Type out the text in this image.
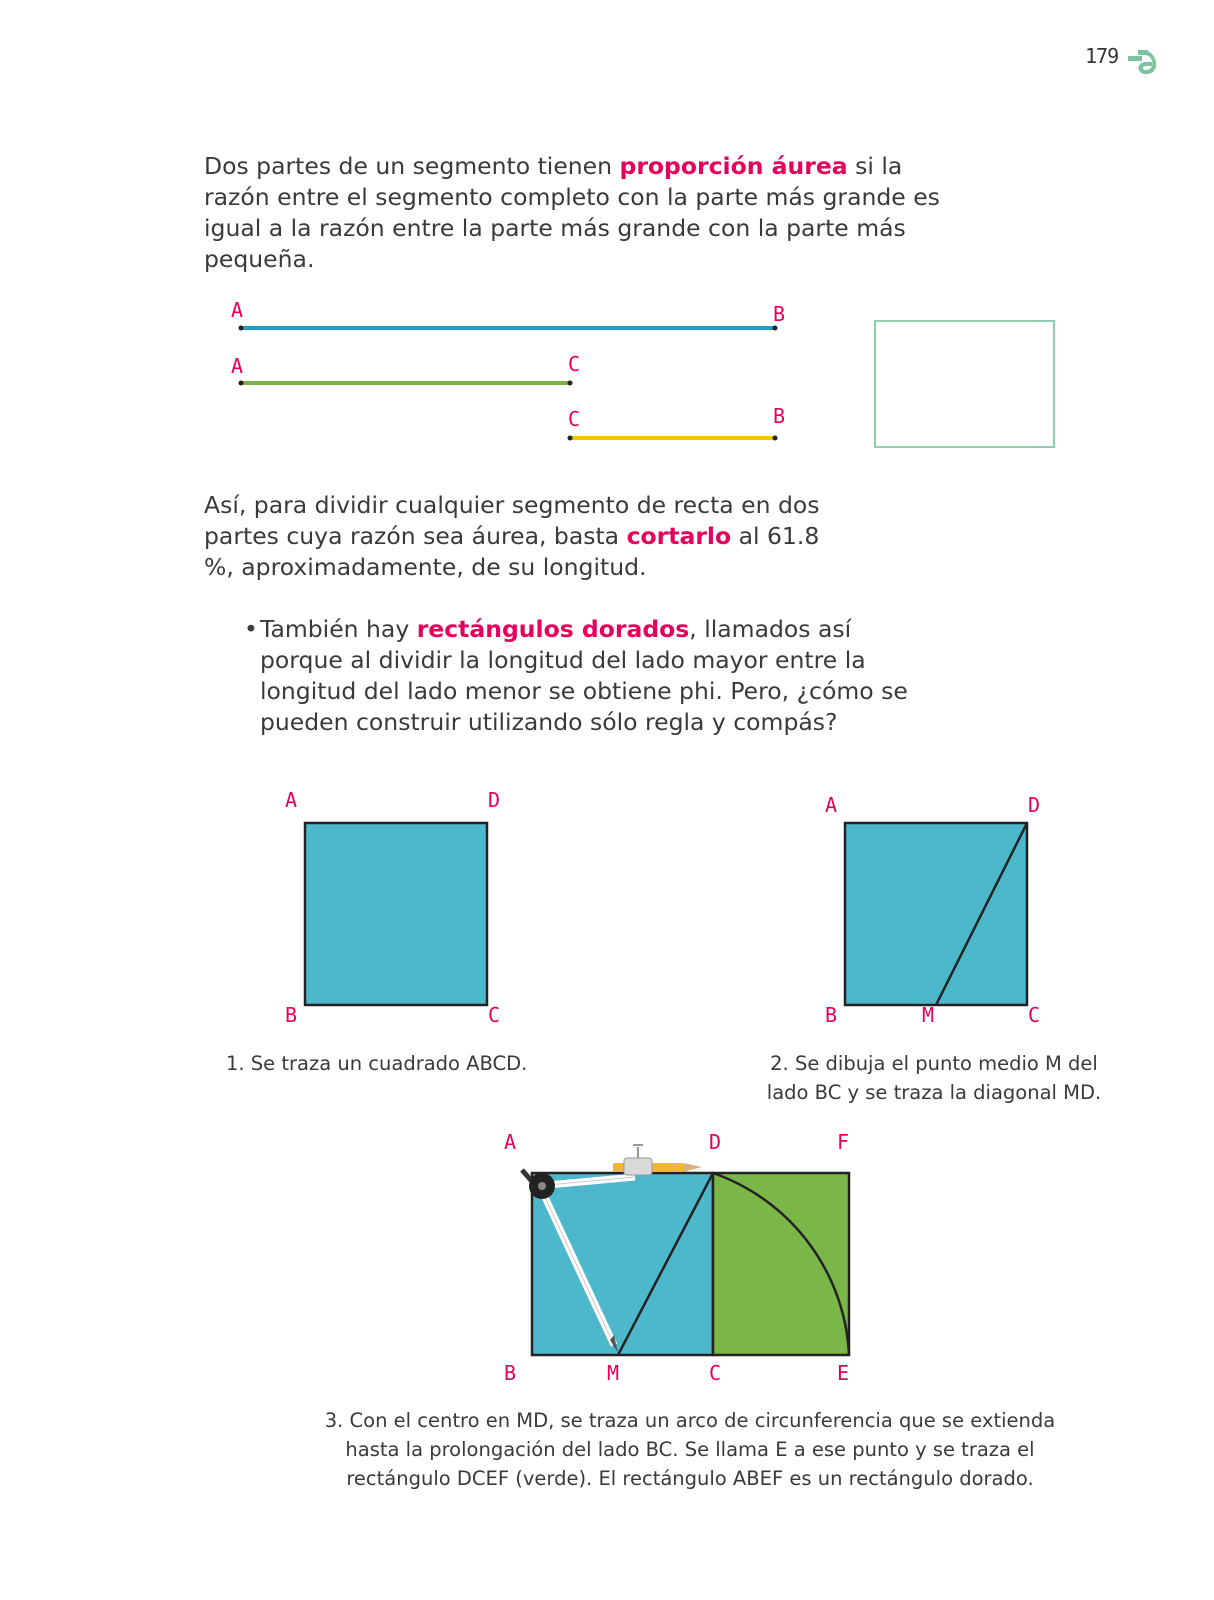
179
Dos partes de un segmento tienen proporción áurea si la razón entre el segmento completo con la parte más grande es igual a la razón entre la parte más grande con la parte más pequeña.
A	B
A	C
C	B
Así, para dividir cualquier segmento de recta en dos partes cuya razón sea áurea, basta cortarlo al 61.8 %, aproximadamente, de su longitud.
• También hay rectángulos dorados, llamados así porque al dividir la longitud del lado mayor entre la longitud del lado menor se obtiene phi. Pero, ¿cómo se pueden construir utilizando sólo regla y compás?
A	D
B	C
1. Se traza un cuadrado ABCD.
A	D
B	M	C
2. Se dibuja el punto medio M del
lado BC y se traza la diagonal MD.
A	D	F
B	M	C	E
3. Con el centro en MD, se traza un arco de circunferencia que se extienda
hasta la prolongación del lado BC. Se llama E a ese punto y se traza el
rectángulo DCEF (verde). El rectángulo ABEF es un rectángulo dorado.
